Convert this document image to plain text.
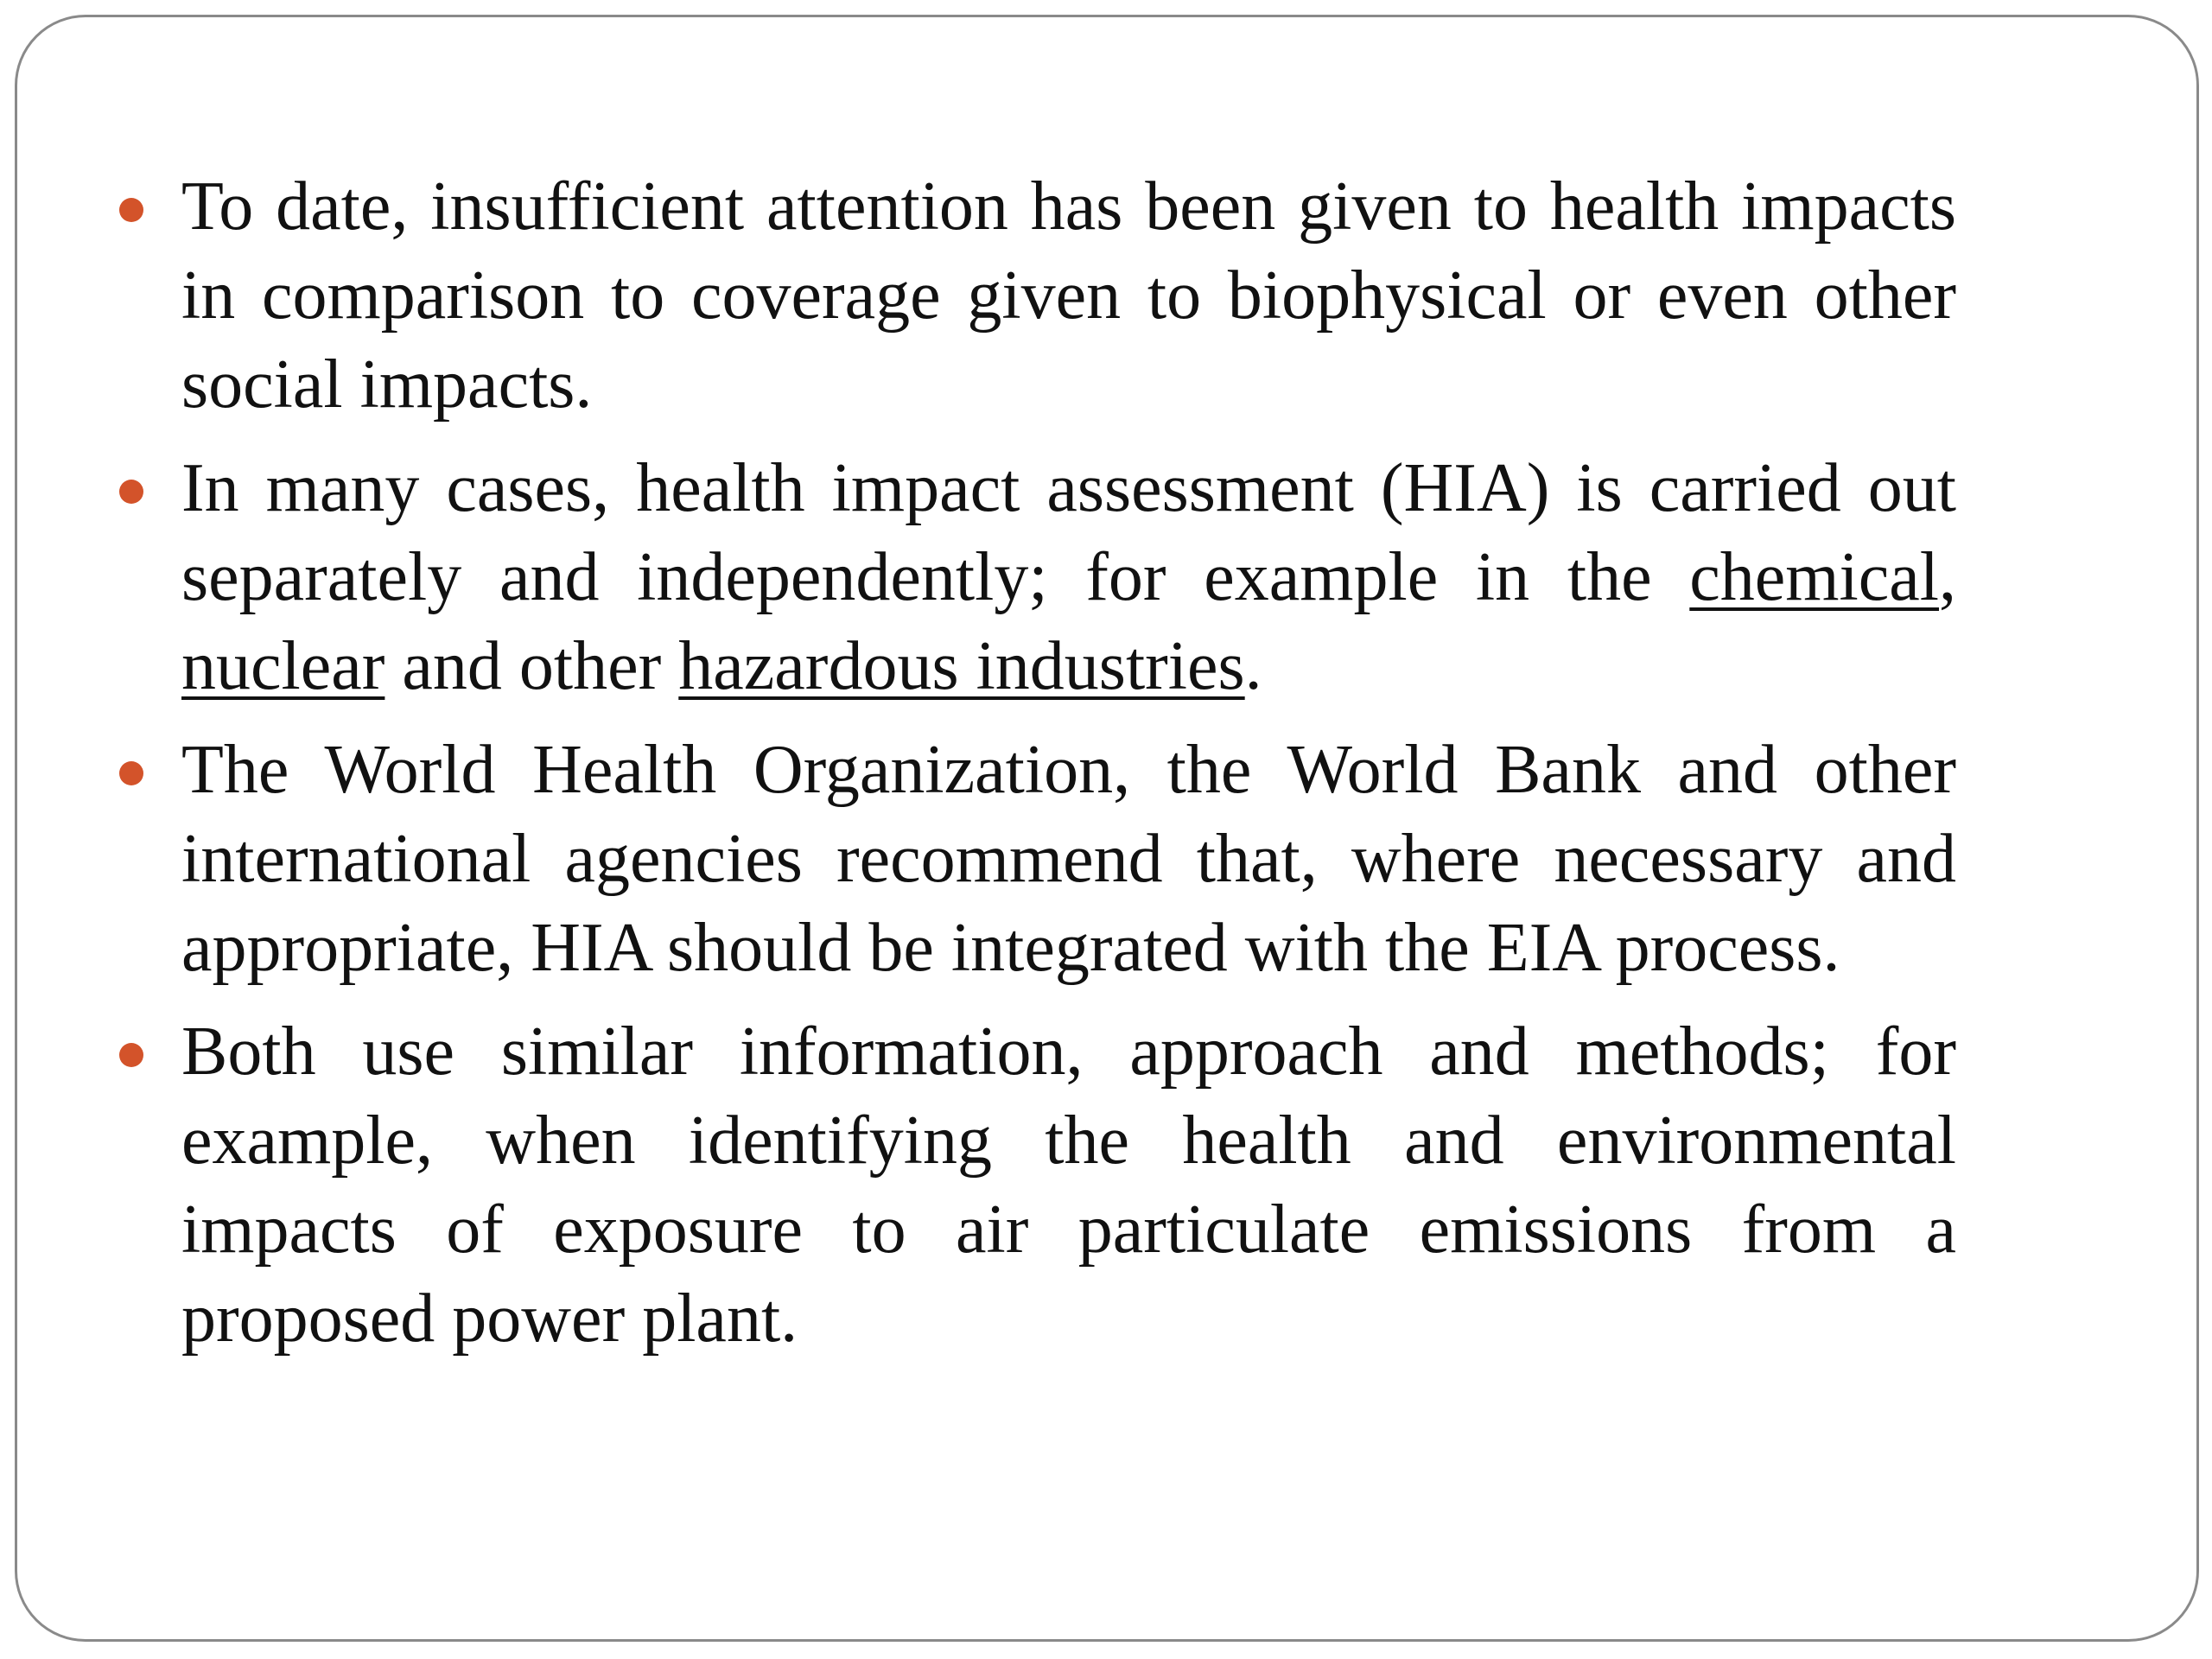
To date, insufficient attention has been given to health impacts in comparison to coverage given to biophysical or even other social impacts.
In many cases, health impact assessment (HIA) is carried out separately and independently; for example in the chemical, nuclear and other hazardous industries.
The World Health Organization, the World Bank and other international agencies recommend that, where necessary and appropriate, HIA should be integrated with the EIA process.
Both use similar information, approach and methods; for example, when identifying the health and environmental impacts of exposure to air particulate emissions from a proposed power plant.
